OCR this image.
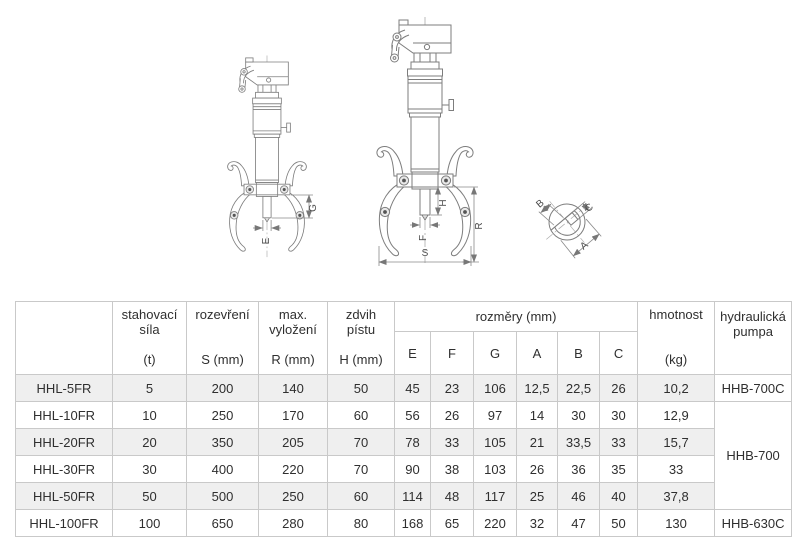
G
E
H
F
R
S
B	C
A

stahovací
síla
(t)

rozevření
S (mm)

max.
vyložení
R (mm)

zdvih
pístu
H (mm)
	rozměry (mm)	hmotnost
(kg)

hydraulická
pumpa

					E	F	G	A	B	C		
HHL-5FR	5	200	140	50	45	23	106	12,5	22,5	26	10,2	HHB-700C
HHL-10FR	10	250	170	60	56	26	97	14	30	30	12,9	HHB-700
HHL-20FR	20	350	205	70	78	33	105	21	33,5	33	15,7	
HHL-30FR	30	400	220	70	90	38	103	26	36	35	33	
HHL-50FR	50	500	250	60	114	48	117	25	46	40	37,8	
HHL-100FR	100	650	280	80	168	65	220	32	47	50	130	HHB-630C
